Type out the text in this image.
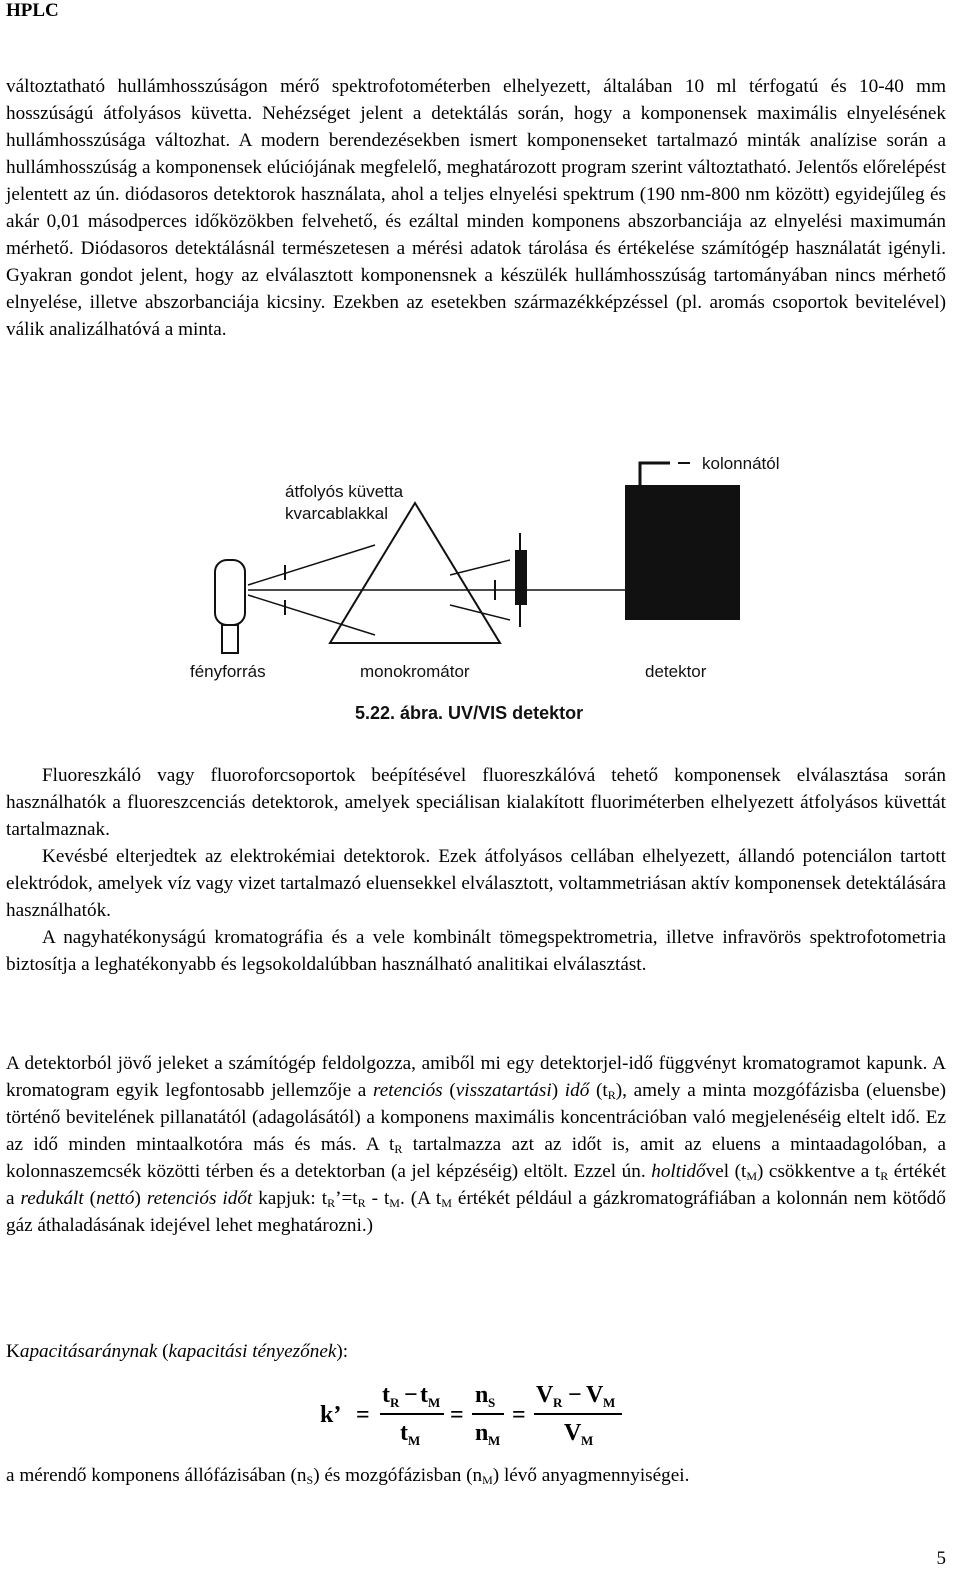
HPLC

változtatható hullámhosszúságon mérő spektrofotométerben elhelyezett, általában 10 ml térfogatú és 10-40 mm hosszúságú átfolyásos küvetta. Nehézséget jelent a detektálás során, hogy a komponensek maximális elnyelésének hullámhosszúsága változhat. A modern berendezésekben ismert komponenseket tartalmazó minták analízise során a hullámhosszúság a komponensek elúciójának megfelelő, meghatározott program szerint változtatható. Jelentős előrelépést jelentett az ún. diódasoros detektorok használata, ahol a teljes elnyelési spektrum (190 nm-800 nm között) egyidejűleg és akár 0,01 másodperces időközökben felvehető, és ezáltal minden komponens abszorbanciája az elnyelési maximumán mérhető. Diódasoros detektálásnál természetesen a mérési adatok tárolása és értékelése számítógép használatát igényli. Gyakran gondot jelent, hogy az elválasztott komponensnek a készülék hullámhosszúság tartományában nincs mérhető elnyelése, illetve abszorbanciája kicsiny. Ezekben az esetekben származékképzéssel (pl. aromás csoportok bevitelével) válik analizálhatóvá a minta.

kolonnától
átfolyós küvetta
kvarcablakkal
fényforrás	monokromátor	detektor
5.22. ábra. UV/VIS detektor

Fluoreszkáló vagy fluoroforcsoportok beépítésével fluoreszkálóvá tehető komponensek elválasztása során használhatók a fluoreszcenciás detektorok, amelyek speciálisan kialakított fluoriméterben elhelyezett átfolyásos küvettát tartalmaznak.

Kevésbé elterjedtek az elektrokémiai detektorok. Ezek átfolyásos cellában elhelyezett, állandó potenciálon tartott elektródok, amelyek víz vagy vizet tartalmazó eluensekkel elválasztott, voltammetriásan aktív komponensek detektálására használhatók.

A nagyhatékonyságú kromatográfia és a vele kombinált tömegspektrometria, illetve infravörös spektrofotometria biztosítja a leghatékonyabb és legsokoldalúbban használható analitikai elválasztást.

A detektorból jövő jeleket a számítógép feldolgozza, amiből mi egy detektorjel-idő függvényt kromatogramot kapunk. A kromatogram egyik legfontosabb jellemzője a retenciós (visszatartási) idő $(t_R)$, amely a minta mozgófázisba (eluensbe) történő bevitelének pillanatától (adagolásától) a komponens maximális koncentrációban való megjelenéséig eltelt idő. Ez az idő minden mintaalkotóra más és más. A $t_R$ tartalmazza azt az időt is, amit az eluens a mintaadagolóban, a kolonnaszemcsék közötti térben és a detektorban (a jel képzéséig) eltölt. Ezzel ún. holtidővel $(t_M)$ csökkentve a $t_R$ értékét a redukált (nettó) retenciós időt kapjuk: $t_R’=t_R - t_M$. (A $t_M$ értékét például a gázkromatográfiában a kolonnán nem kötődő gáz áthaladásának idejével lehet meghatározni.)

Kapacitásaránynak (kapacitási tényezőnek):

k’ =
t R − t M
t M
=
n S
n M
=
V R − V M
V M

a mérendő komponens állófázisában $(n_S)$ és mozgófázisban $(n_M)$ lévő anyagmennyiségei.

5
